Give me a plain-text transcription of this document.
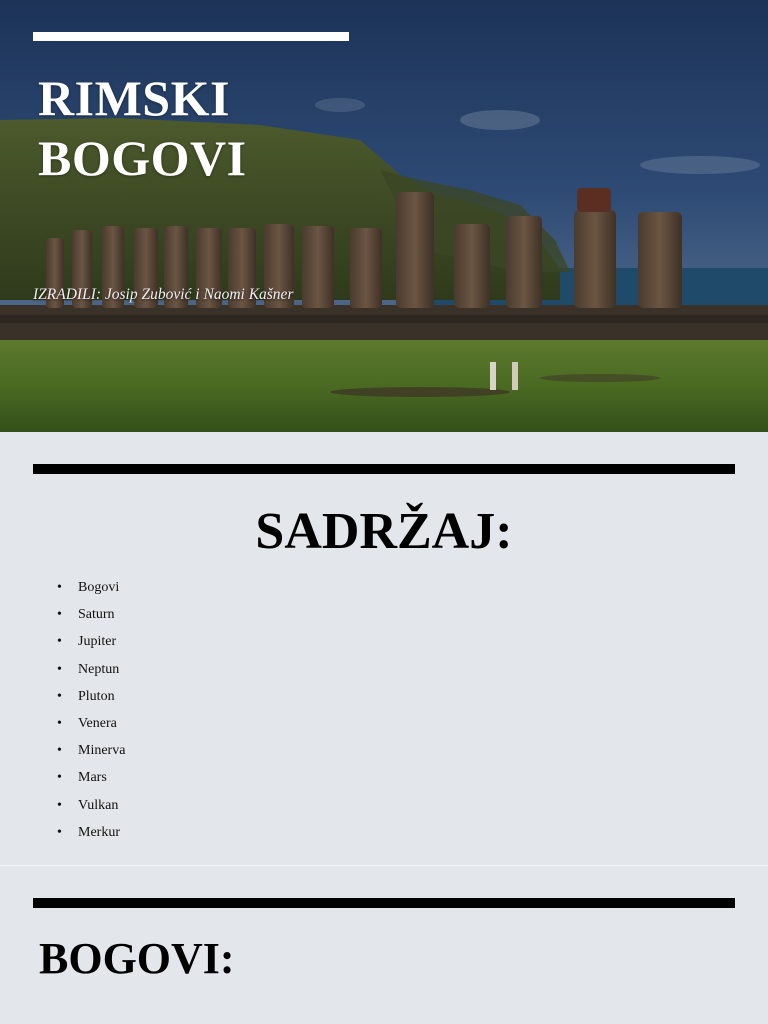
RIMSKI
BOGOVI

IZRADILI: Josip Zubović i Naomi Kašner

SADRŽAJ:
• Bogovi
• Saturn
• Jupiter
• Neptun
• Pluton
• Venera
• Minerva
• Mars
• Vulkan
• Merkur
BOGOVI:
